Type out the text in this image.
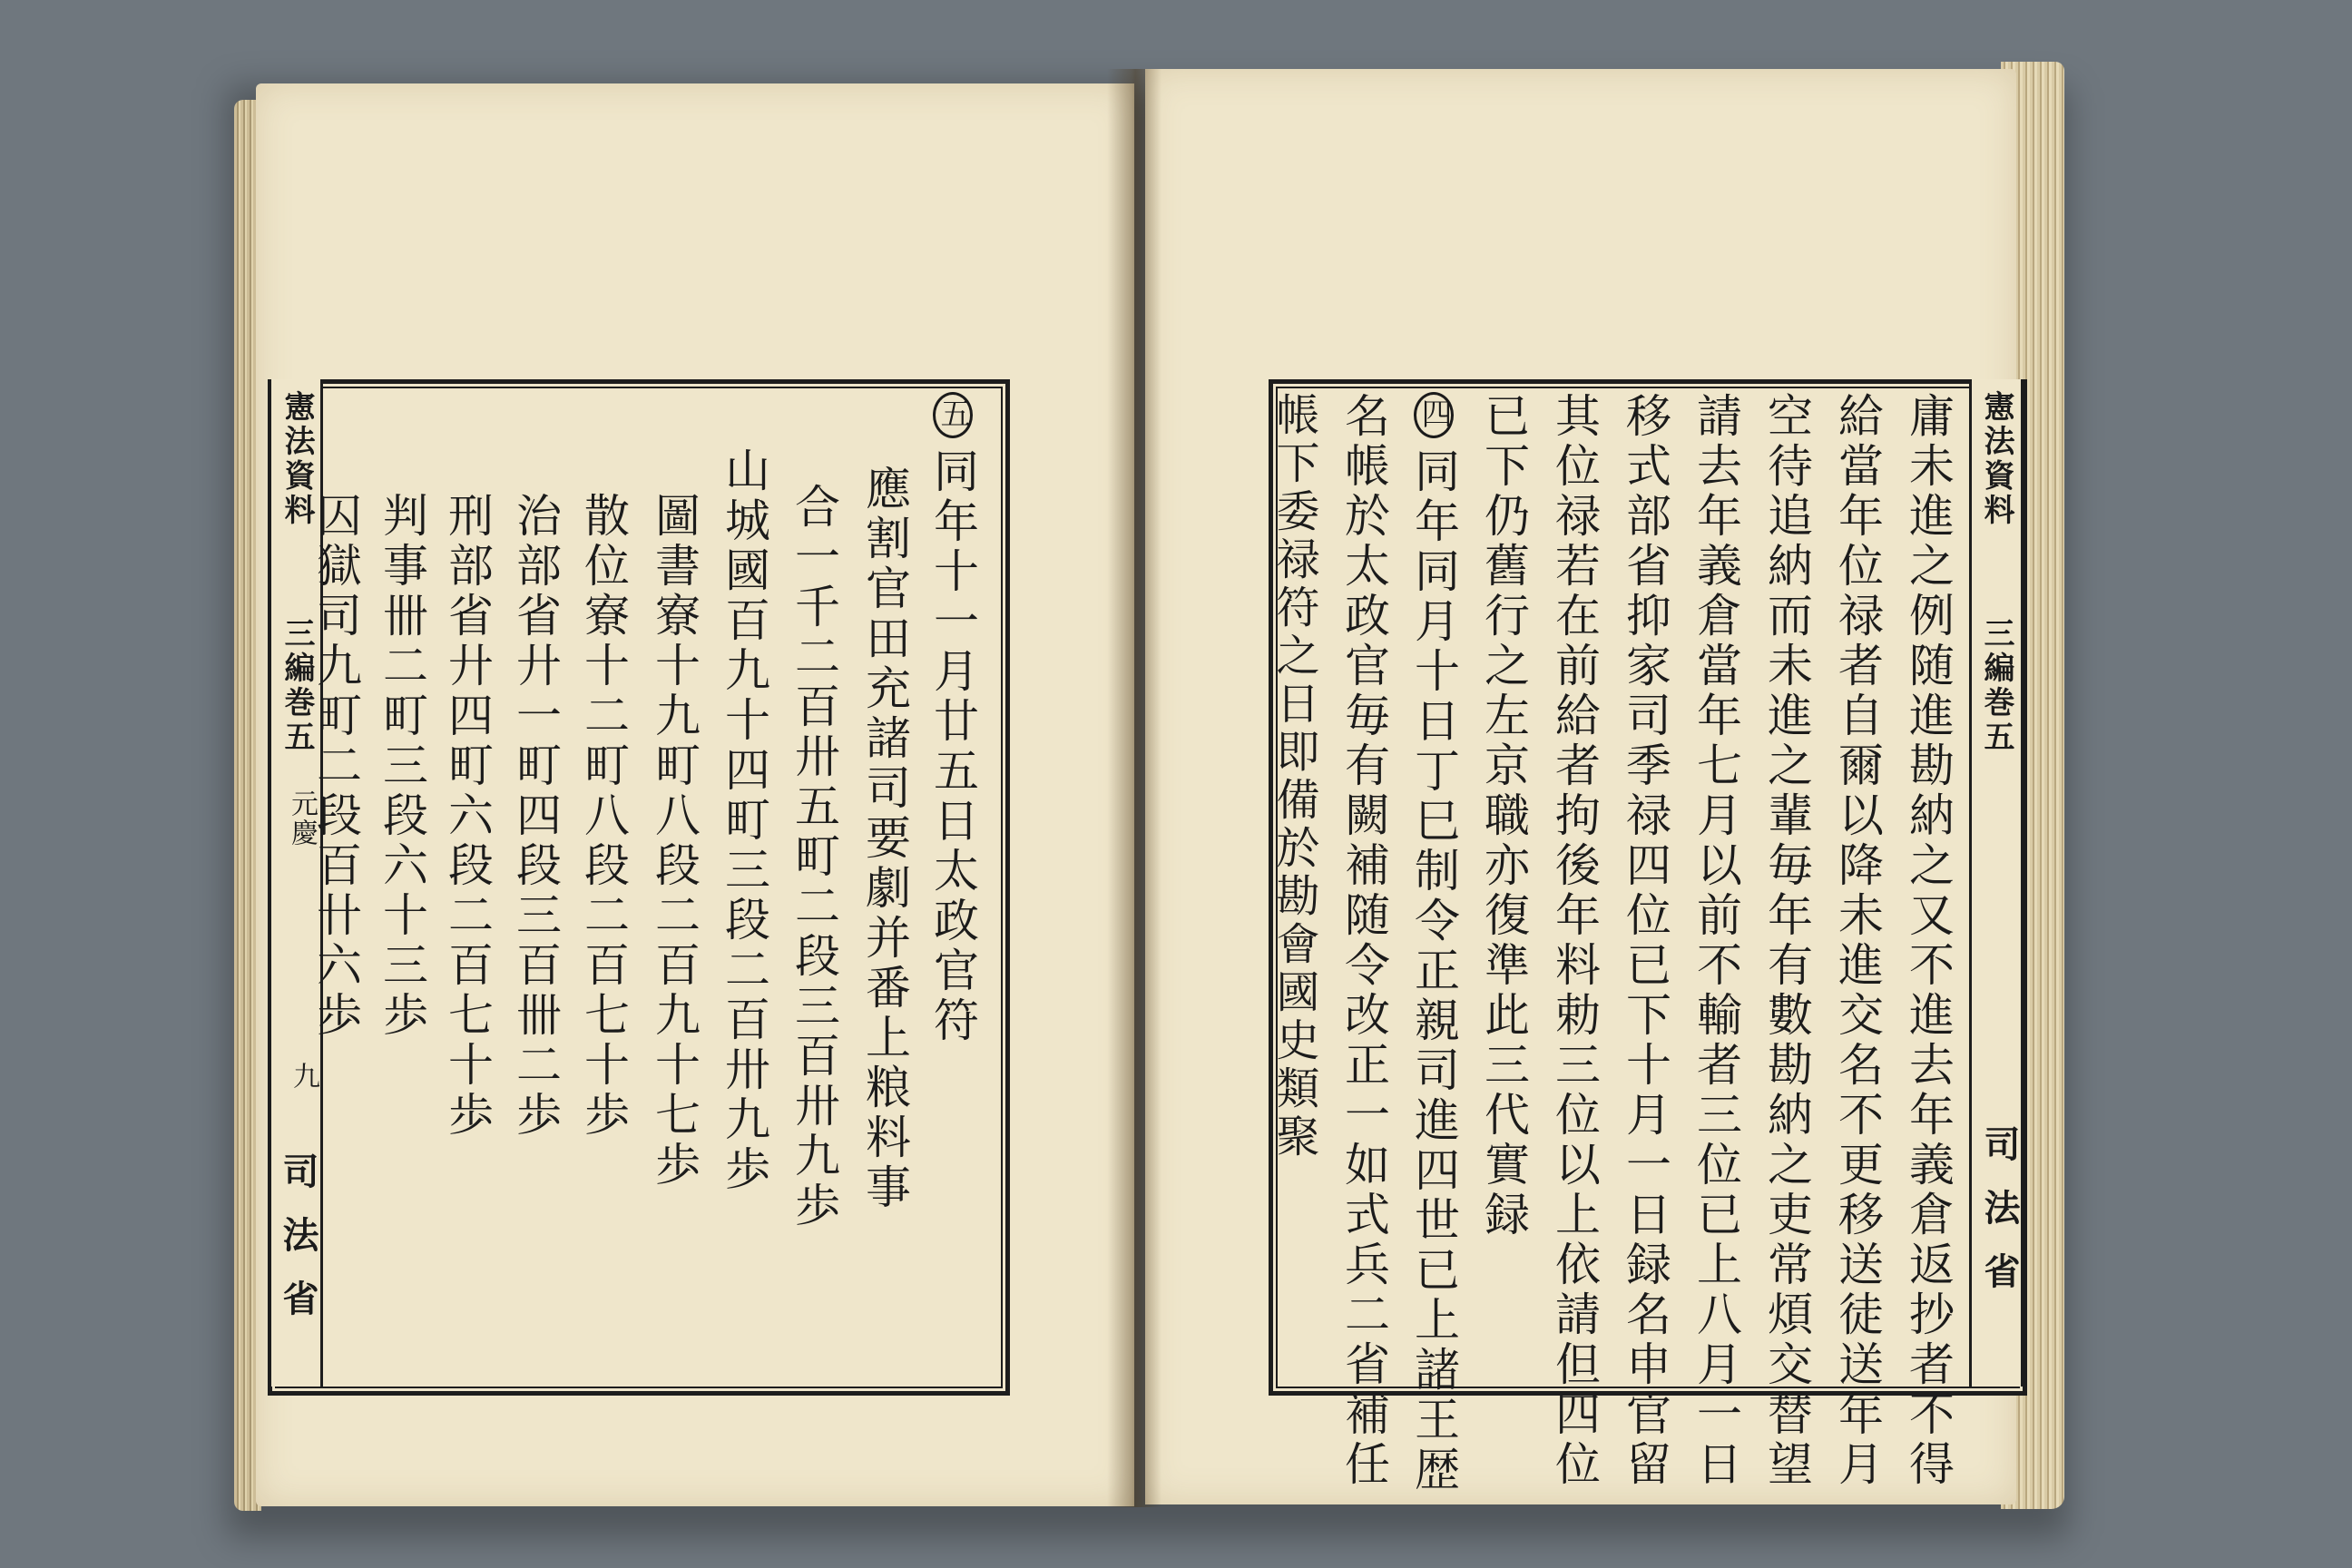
憲法資料
三編巻五
元慶
九
司法省
五同年十一月廿五日太政官符
應割官田充諸司要劇并番上粮料事
合一千二百卅五町二段三百卅九歩
山城國百九十四町三段二百卅九歩
圖書寮十九町八段二百九十七歩
散位寮十二町八段二百七十歩
治部省廾一町四段三百卌二歩
刑部省廾四町六段二百七十歩
判事卌二町三段六十三歩
囚獄司九町二段百卄六歩
憲法資料
三編巻五
司法省
庸未進之例随進勘納之又不進去年義倉返抄者不得
給當年位禄者自爾以降未進交名不更移送徒送年月
空待追納而未進之輩毎年有數勘納之吏常煩交替望
請去年義倉當年七月以前不輸者三位已上八月一日
移式部省抑家司季禄四位已下十月一日録名申官留
其位禄若在前給者拘後年料勅三位以上依請但四位
已下仍舊行之左京職亦復準此三代實録
四同年同月十日丁巳制令正親司進四世已上諸王歴
名帳於太政官毎有闕補随令改正一如式兵二省補任
帳下委禄符之日即備於勘會國史類聚
